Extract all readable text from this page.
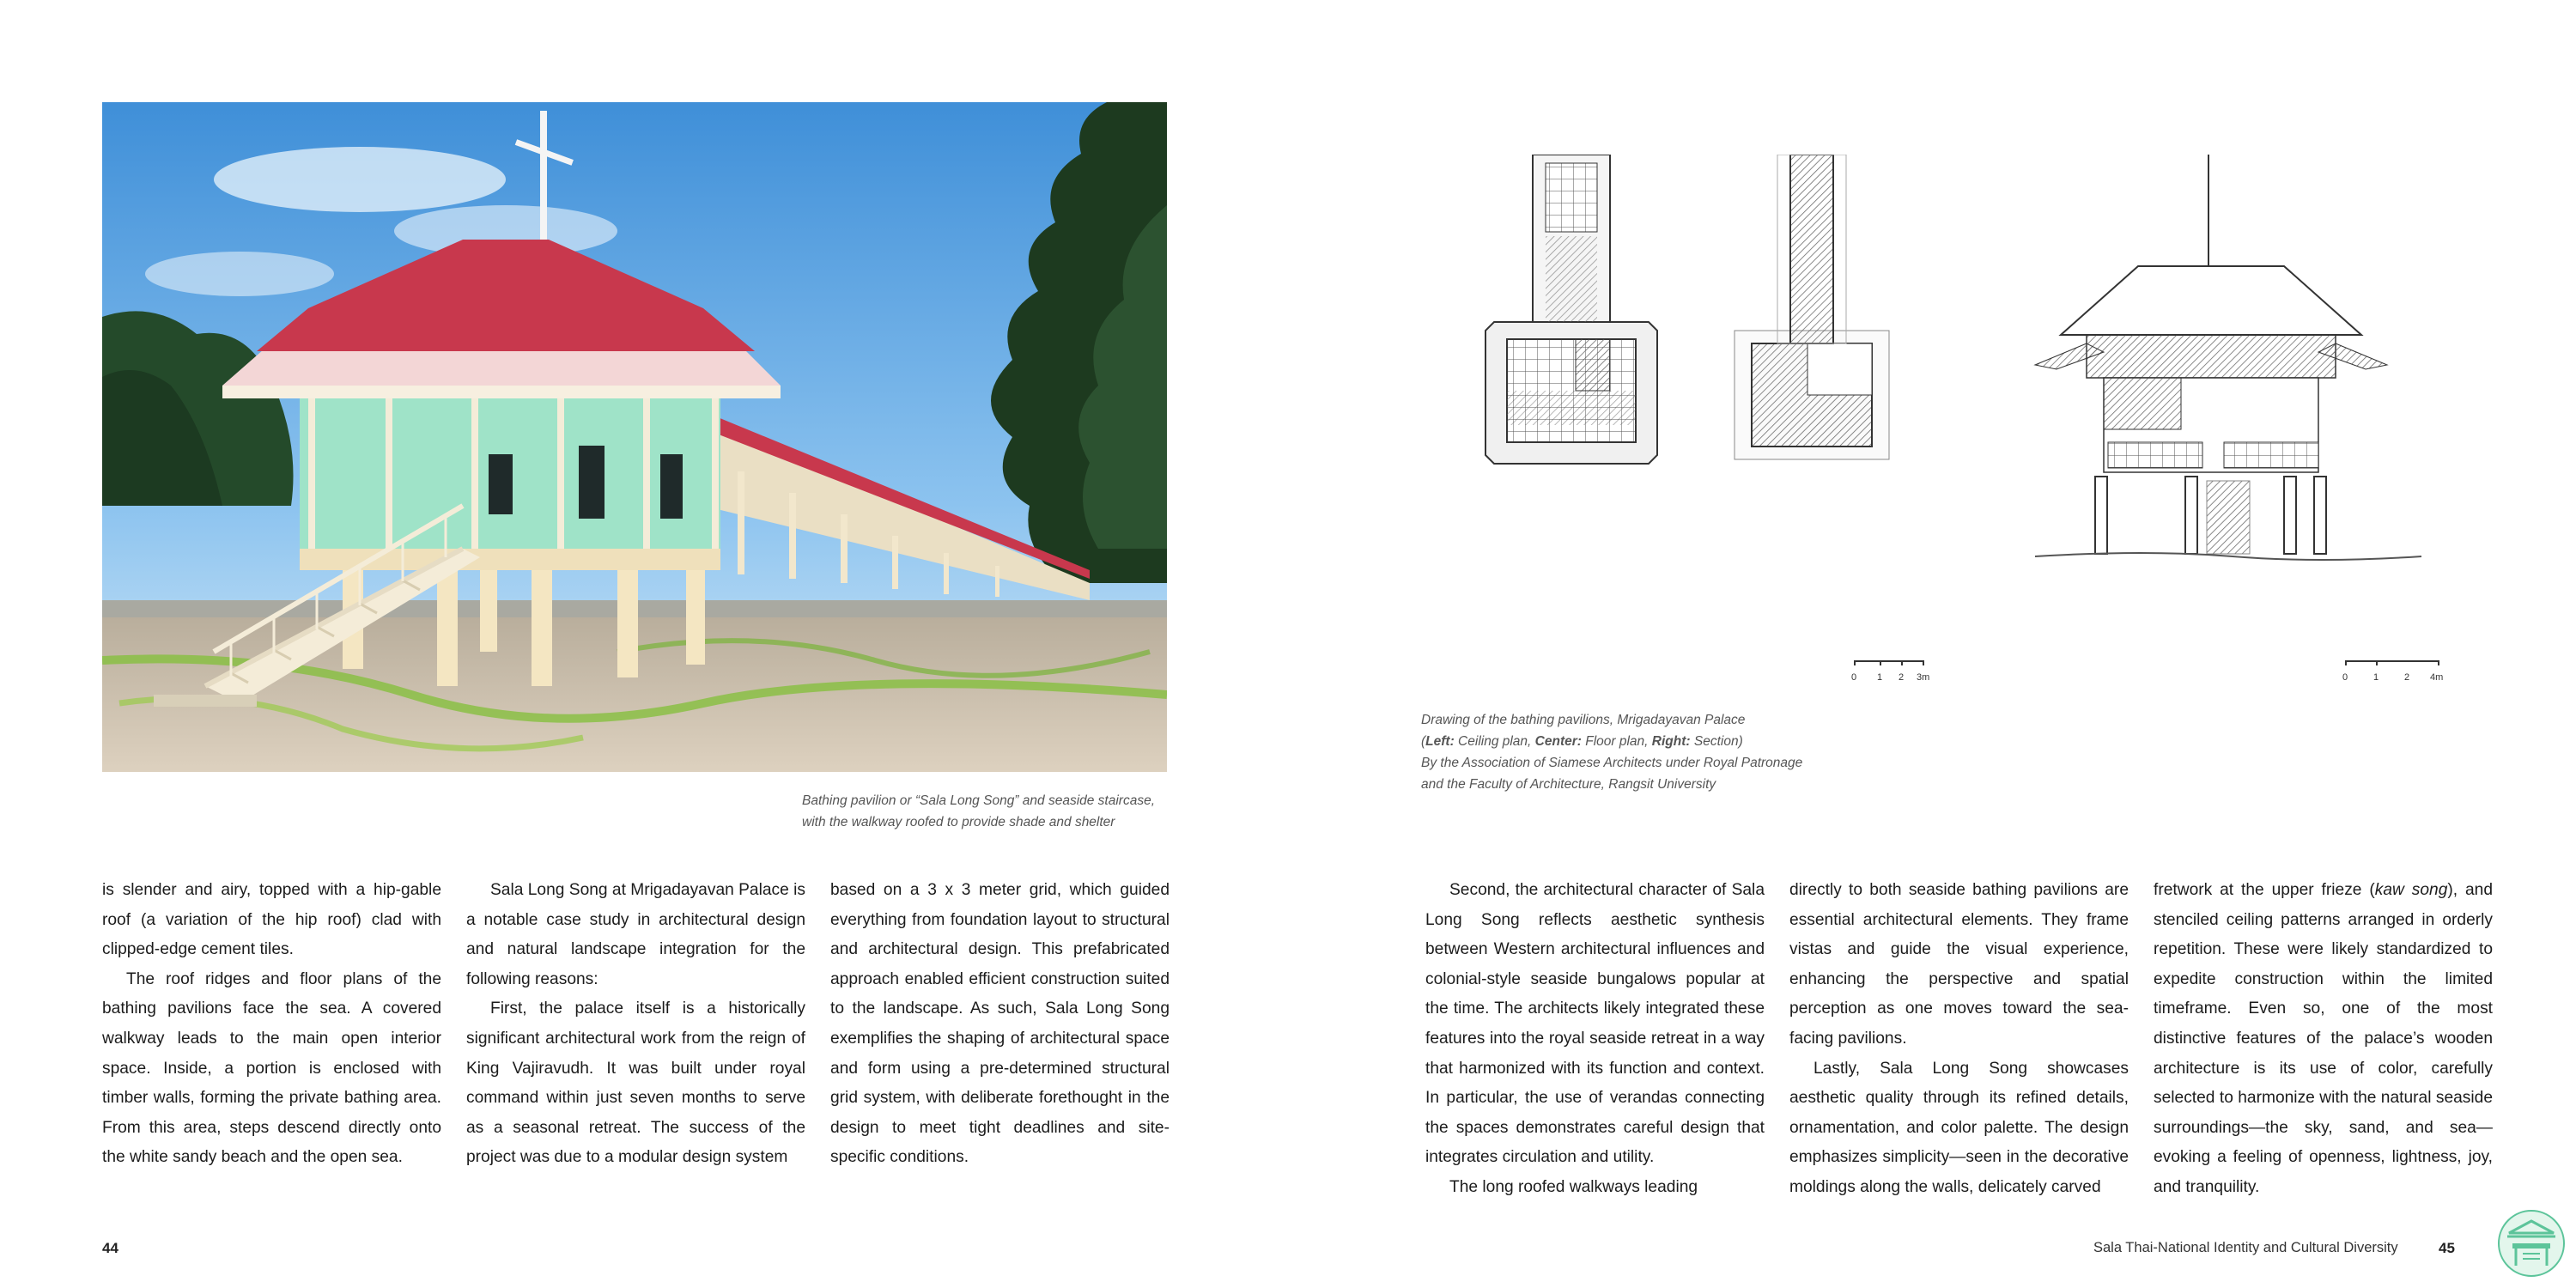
Bathing pavilion or “Sala Long Song” and seaside staircase,
with the walkway roofed to provide shade and shelter

is slender and airy, topped with a hip-gable roof (a variation of the hip roof) clad with clipped-edge cement tiles.

The roof ridges and floor plans of the bathing pavilions face the sea. A covered walkway leads to the main open interior space. Inside, a portion is enclosed with timber walls, forming the private bathing area. From this area, steps descend directly onto the white sandy beach and the open sea.

Sala Long Song at Mrigadayavan Palace is a notable case study in architectural design and natural landscape integration for the following reasons:

First, the palace itself is a historically significant architectural work from the reign of King Vajiravudh. It was built under royal command within just seven months to serve as a seasonal retreat. The success of the project was due to a modular design system

based on a 3 x 3 meter grid, which guided everything from foundation layout to structural and architectural design. This prefabricated approach enabled efficient construction suited to the landscape. As such, Sala Long Song exemplifies the shaping of architectural space and form using a pre-determined structural grid system, with deliberate forethought in the design to meet tight deadlines and site-specific conditions.

44
0 1 2 3m	0	1	2 4m
Drawing of the bathing pavilions, Mrigadayavan Palace
(Left: Ceiling plan, Center: Floor plan, Right: Section)
By the Association of Siamese Architects under Royal Patronage
and the Faculty of Architecture, Rangsit University

Second, the architectural character of Sala Long Song reflects aesthetic synthesis between Western architectural influences and colonial-style seaside bungalows popular at the time. The architects likely integrated these features into the royal seaside retreat in a way that harmonized with its function and context. In particular, the use of verandas connecting the spaces demonstrates careful design that integrates circulation and utility.

The long roofed walkways leading

directly to both seaside bathing pavilions are essential architectural elements. They frame vistas and guide the visual experience, enhancing the perspective and spatial perception as one moves toward the sea-facing pavilions.

Lastly, Sala Long Song showcases aesthetic quality through its refined details, ornamentation, and color palette. The design emphasizes simplicity—seen in the decorative moldings along the walls, delicately carved

fretwork at the upper frieze (kaw song), and stenciled ceiling patterns arranged in orderly repetition. These were likely standardized to expedite construction within the limited timeframe. Even so, one of the most distinctive features of the palace’s wooden architecture is its use of color, carefully selected to harmonize with the natural seaside surroundings—the sky, sand, and sea—evoking a feeling of openness, lightness, joy, and tranquility.

Sala Thai-National Identity and Cultural Diversity	45
